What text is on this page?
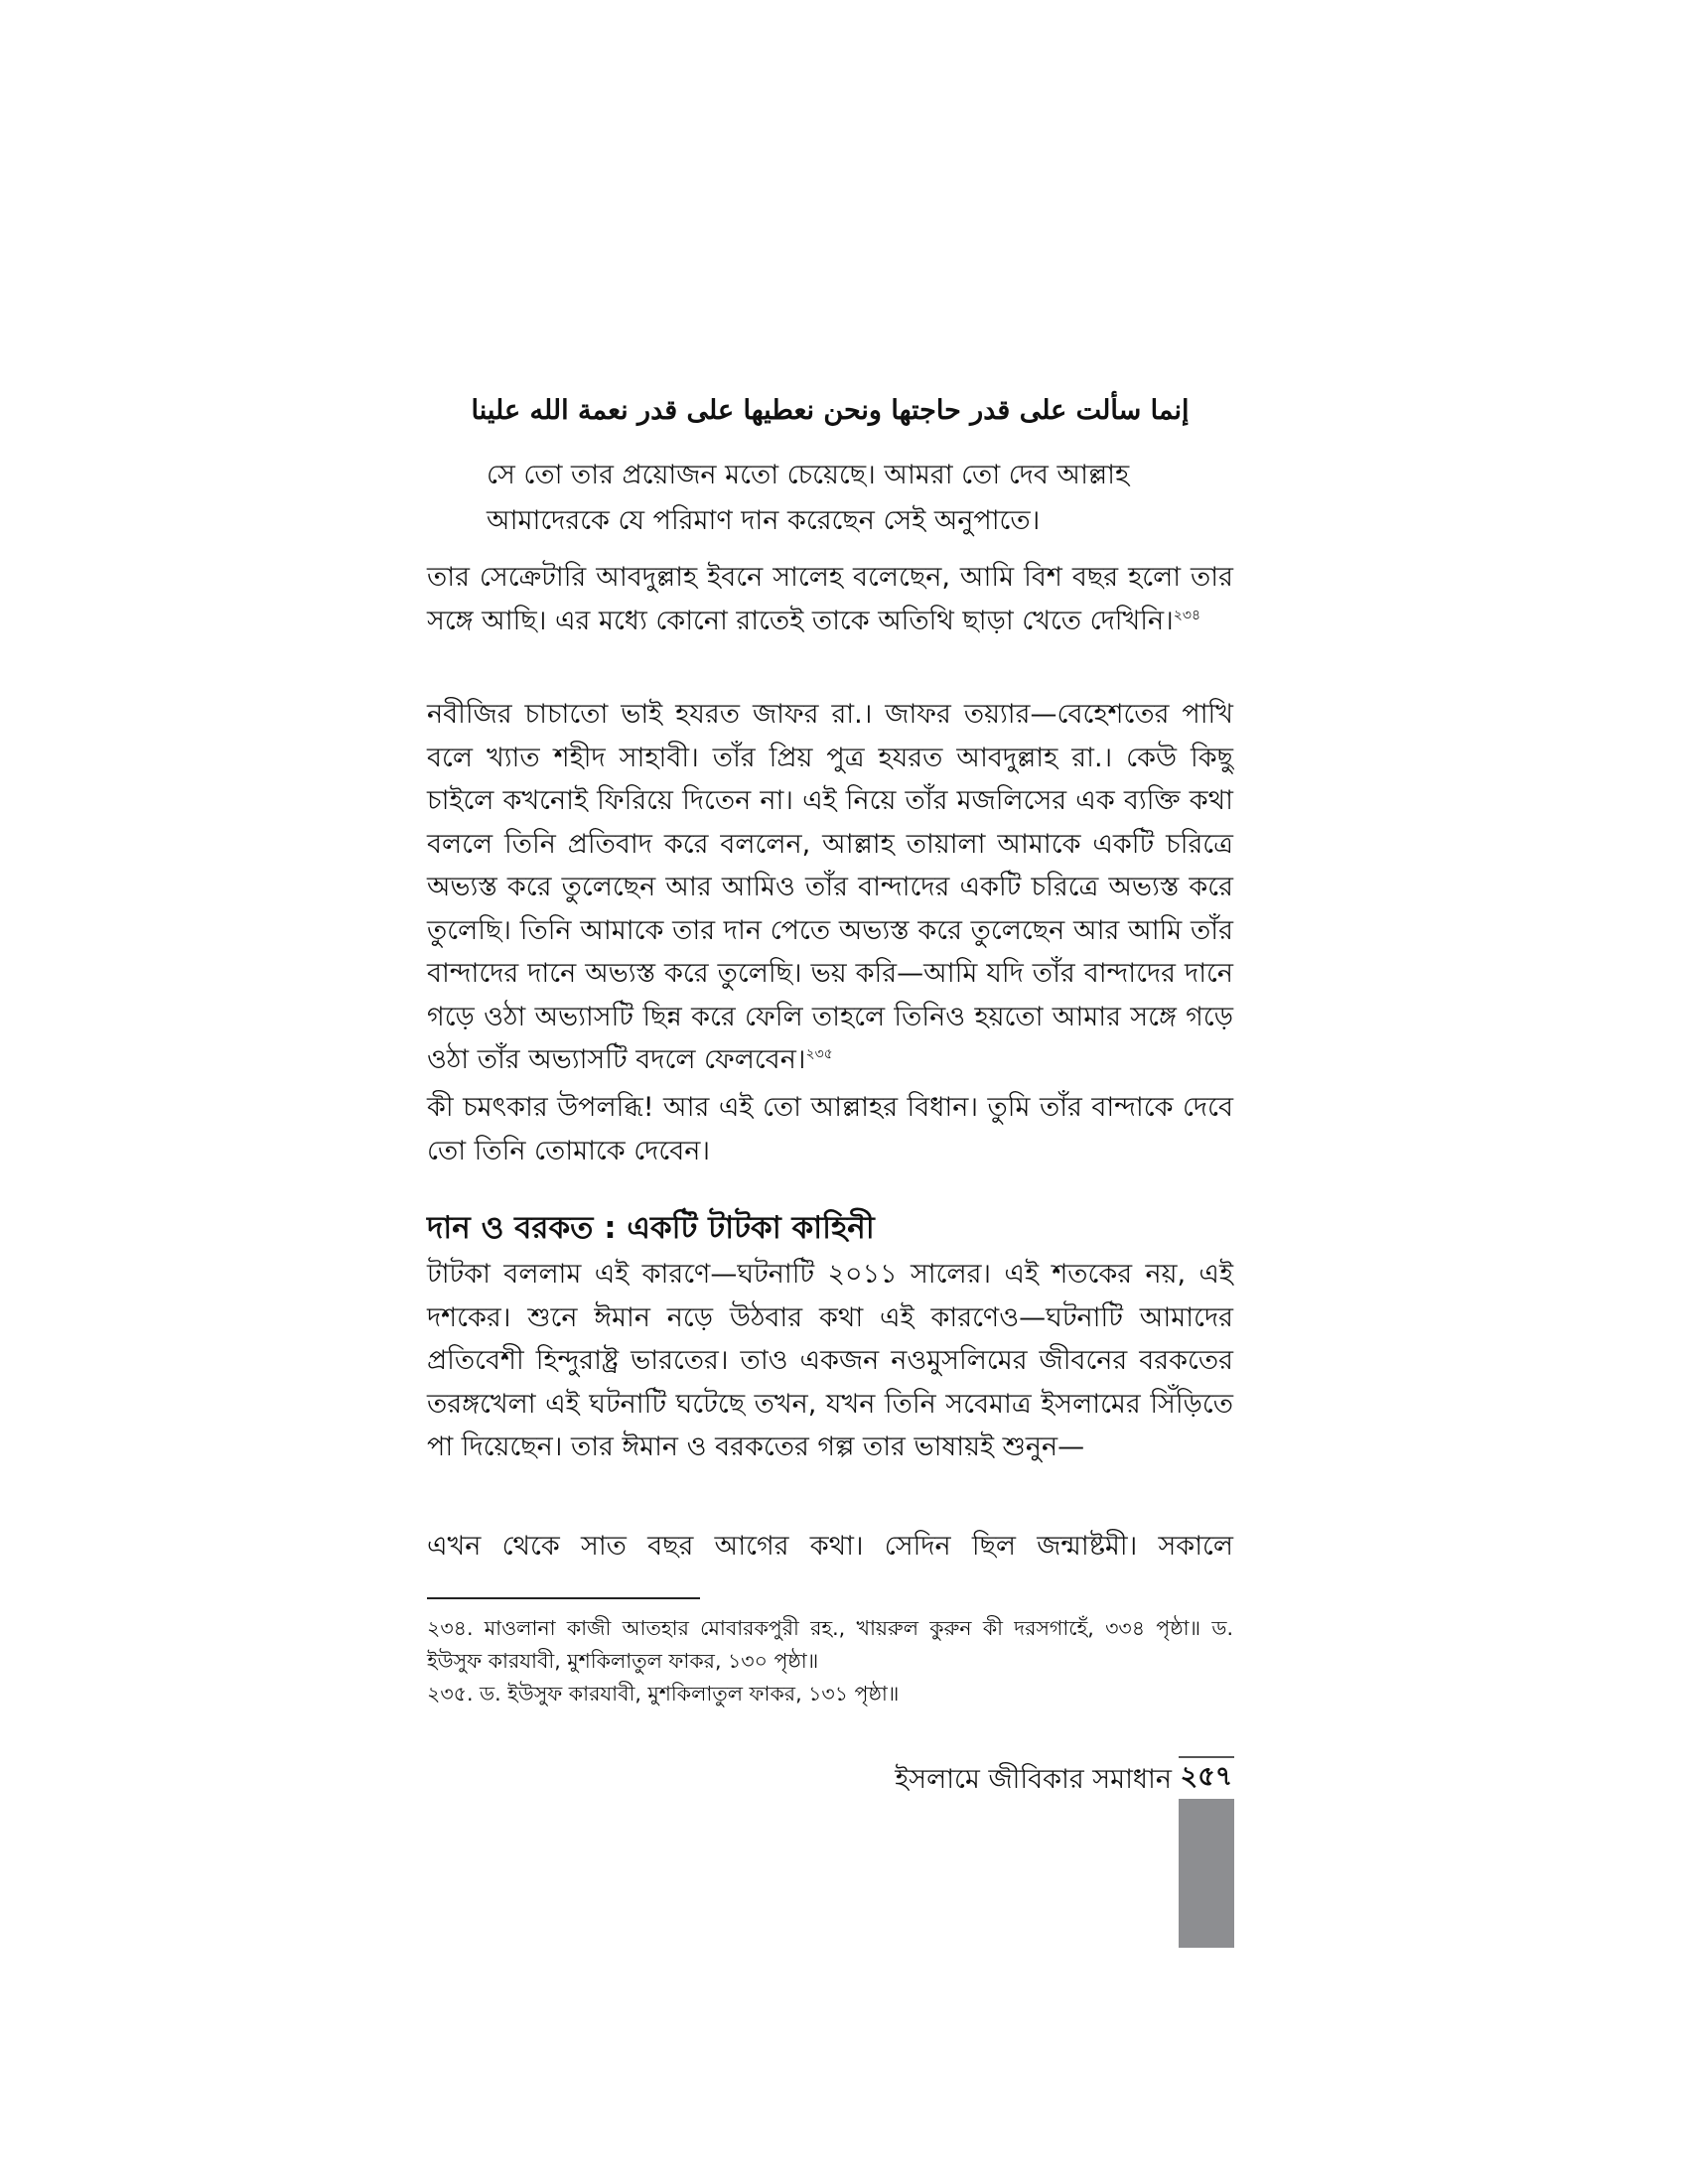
إنما سألت على قدر حاجتها ونحن نعطيها على قدر نعمة الله علينا
সে তো তার প্রয়োজন মতো চেয়েছে। আমরা তো দেব আল্লাহ আমাদেরকে যে পরিমাণ দান করেছেন সেই অনুপাতে।
তার সেক্রেটারি আবদুল্লাহ ইবনে সালেহ বলেছেন, আমি বিশ বছর হলো তার সঙ্গে আছি। এর মধ্যে কোনো রাতেই তাকে অতিথি ছাড়া খেতে দেখিনি।$^{২৩৪}$
নবীজির চাচাতো ভাই হযরত জাফর রা.। জাফর তয়্যার—বেহেশতের পাখি বলে খ্যাত শহীদ সাহাবী। তাঁর প্রিয় পুত্র হযরত আবদুল্লাহ রা.। কেউ কিছু চাইলে কখনোই ফিরিয়ে দিতেন না। এই নিয়ে তাঁর মজলিসের এক ব্যক্তি কথা বললে তিনি প্রতিবাদ করে বললেন, আল্লাহ তায়ালা আমাকে একটি চরিত্রে অভ্যস্ত করে তুলেছেন আর আমিও তাঁর বান্দাদের একটি চরিত্রে অভ্যস্ত করে তুলেছি। তিনি আমাকে তার দান পেতে অভ্যস্ত করে তুলেছেন আর আমি তাঁর বান্দাদের দানে অভ্যস্ত করে তুলেছি। ভয় করি—আমি যদি তাঁর বান্দাদের দানে গড়ে ওঠা অভ্যাসটি ছিন্ন করে ফেলি তাহলে তিনিও হয়তো আমার সঙ্গে গড়ে ওঠা তাঁর অভ্যাসটি বদলে ফেলবেন।$^{২৩৫}$
কী চমৎকার উপলব্ধি! আর এই তো আল্লাহর বিধান। তুমি তাঁর বান্দাকে দেবে তো তিনি তোমাকে দেবেন।
দান ও বরকত : একটি টাটকা কাহিনী
টাটকা বললাম এই কারণে—ঘটনাটি ২০১১ সালের। এই শতকের নয়, এই দশকের। শুনে ঈমান নড়ে উঠবার কথা এই কারণেও—ঘটনাটি আমাদের প্রতিবেশী হিন্দুরাষ্ট্র ভারতের। তাও একজন নওমুসলিমের জীবনের বরকতের তরঙ্গখেলা এই ঘটনাটি ঘটেছে তখন, যখন তিনি সবেমাত্র ইসলামের সিঁড়িতে পা দিয়েছেন। তার ঈমান ও বরকতের গল্প তার ভাষায়ই শুনুন—
এখন থেকে সাত বছর আগের কথা। সেদিন ছিল জন্মাষ্টমী। সকালে
২৩৪. মাওলানা কাজী আতহার মোবারকপুরী রহ., খায়রুল কুরুন কী দরসগাহেঁ, ৩৩৪ পৃষ্ঠা॥ ড. ইউসুফ কারযাবী, মুশকিলাতুল ফাকর, ১৩০ পৃষ্ঠা॥
২৩৫. ড. ইউসুফ কারযাবী, মুশকিলাতুল ফাকর, ১৩১ পৃষ্ঠা॥
ইসলামে জীবিকার সমাধান ২৫৭
